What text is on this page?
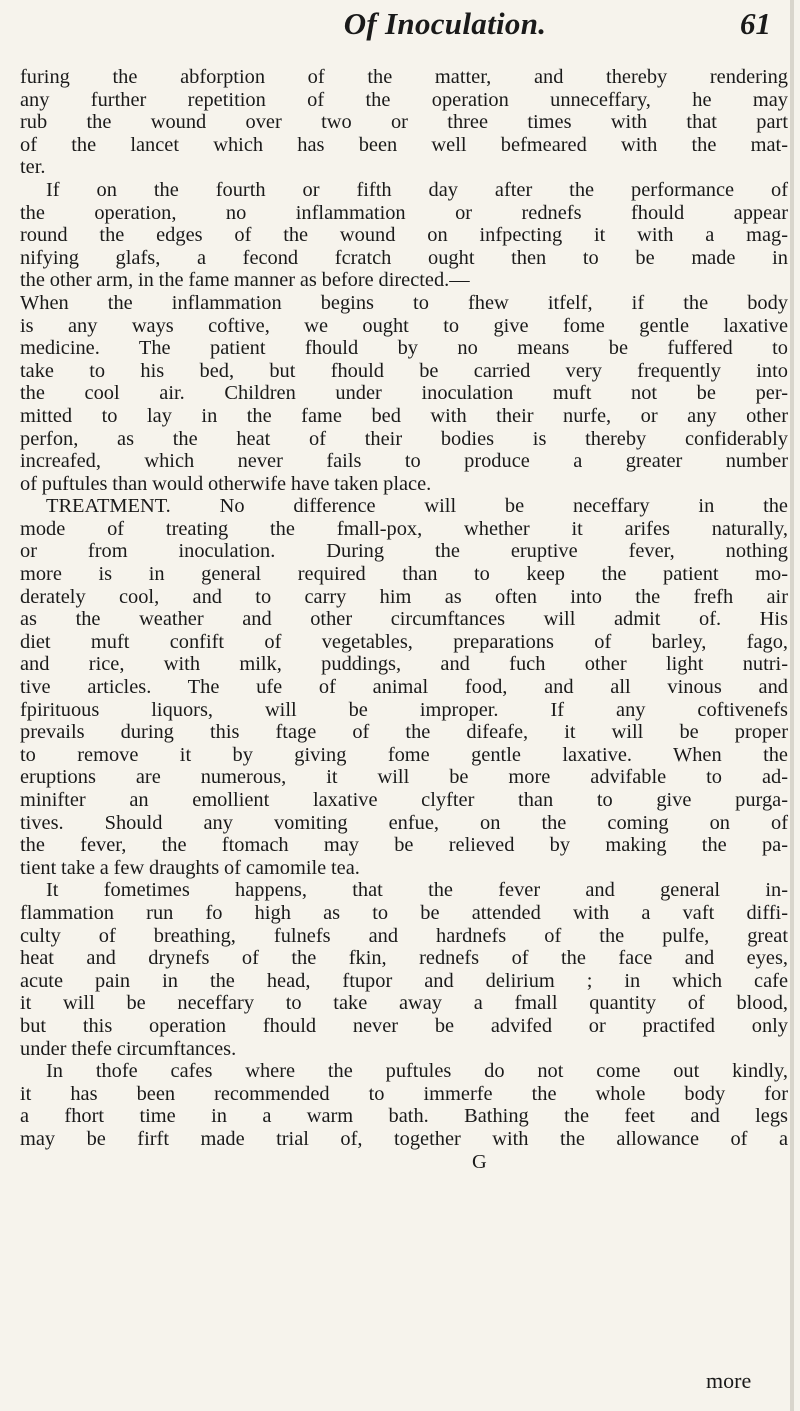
Of Inoculation.	61
furing the abforption of the matter, and thereby rendering
any further repetition of the operation unneceffary, he may
rub the wound over two or three times with that part
of the lancet which has been well befmeared with the mat-
ter.
If on the fourth or fifth day after the performance of
the operation, no inflammation or rednefs fhould appear
round the edges of the wound on infpecting it with a mag-
nifying glafs, a fecond fcratch ought then to be made in
the other arm, in the fame manner as before directed.—
When the inflammation begins to fhew itfelf, if the body
is any ways coftive, we ought to give fome gentle laxative
medicine. The patient fhould by no means be fuffered to
take to his bed, but fhould be carried very frequently into
the cool air. Children under inoculation muft not be per-
mitted to lay in the fame bed with their nurfe, or any other
perfon, as the heat of their bodies is thereby confiderably
increafed, which never fails to produce a greater number
of puftules than would otherwife have taken place.
TREATMENT. No difference will be neceffary in the
mode of treating the fmall-pox, whether it arifes naturally,
or from inoculation. During the eruptive fever, nothing
more is in general required than to keep the patient mo-
derately cool, and to carry him as often into the frefh air
as the weather and other circumftances will admit of. His
diet muft confift of vegetables, preparations of barley, fago,
and rice, with milk, puddings, and fuch other light nutri-
tive articles. The ufe of animal food, and all vinous and
fpirituous liquors, will be improper. If any coftivenefs
prevails during this ftage of the difeafe, it will be proper
to remove it by giving fome gentle laxative. When the
eruptions are numerous, it will be more advifable to ad-
minifter an emollient laxative clyfter than to give purga-
tives. Should any vomiting enfue, on the coming on of
the fever, the ftomach may be relieved by making the pa-
tient take a few draughts of camomile tea.
It fometimes happens, that the fever and general in-
flammation run fo high as to be attended with a vaft diffi-
culty of breathing, fulnefs and hardnefs of the pulfe, great
heat and drynefs of the fkin, rednefs of the face and eyes,
acute pain in the head, ftupor and delirium ; in which cafe
it will be neceffary to take away a fmall quantity of blood,
but this operation fhould never be advifed or practifed only
under thefe circumftances.
In thofe cafes where the puftules do not come out kindly,
it has been recommended to immerfe the whole body for
a fhort time in a warm bath. Bathing the feet and legs
may be firft made trial of, together with the allowance of a
G
more
